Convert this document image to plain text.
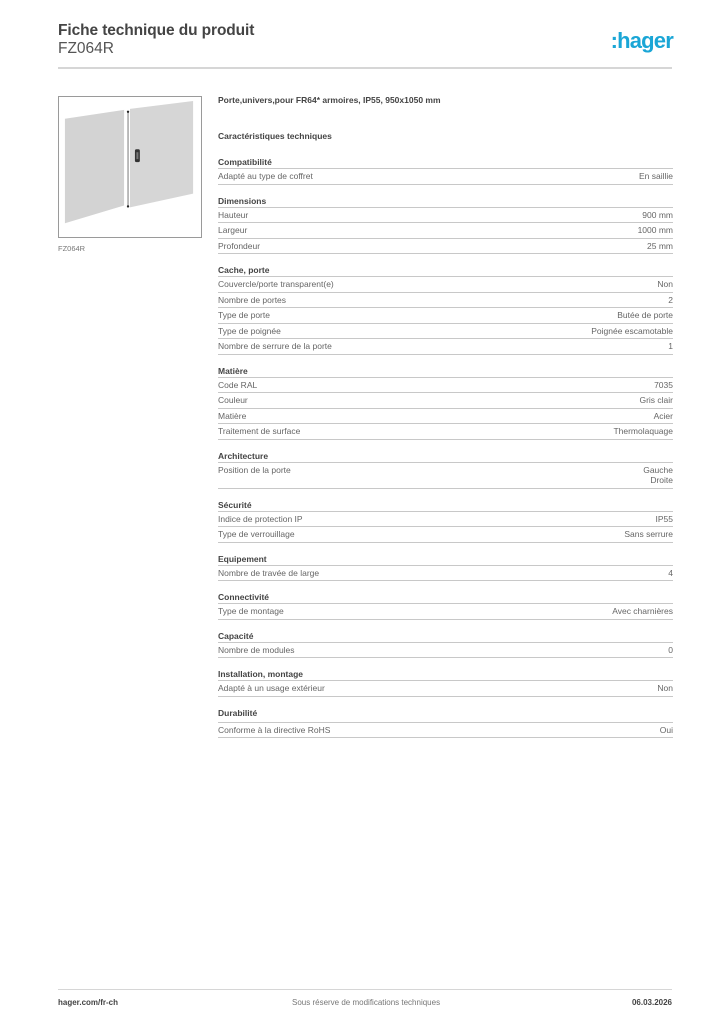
Fiche technique du produit
FZ064R	:hager
FZ064R
Porte,univers,pour FR64* armoires, IP55, 950x1050 mm
Caractéristiques techniques
Compatibilité
Adapté au type de coffret	En saillie
Dimensions
Hauteur	900 mm
Largeur	1000 mm
Profondeur	25 mm
Cache, porte
Couvercle/porte transparent(e)	Non
Nombre de portes	2
Type de porte	Butée de porte
Type de poignée	Poignée escamotable
Nombre de serrure de la porte	1
Matière
Code RAL	7035
Couleur	Gris clair
Matière	Acier
Traitement de surface	Thermolaquage
Architecture
Position de la porte	Gauche
Droite
Sécurité
Indice de protection IP	IP55
Type de verrouillage	Sans serrure
Equipement
Nombre de travée de large	4
Connectivité
Type de montage	Avec charnières
Capacité
Nombre de modules	0
Installation, montage
Adapté à un usage extérieur	Non
Durabilité
Conforme à la directive RoHS	Oui
hager.com/fr-ch	Sous réserve de modifications techniques	06.03.2026
